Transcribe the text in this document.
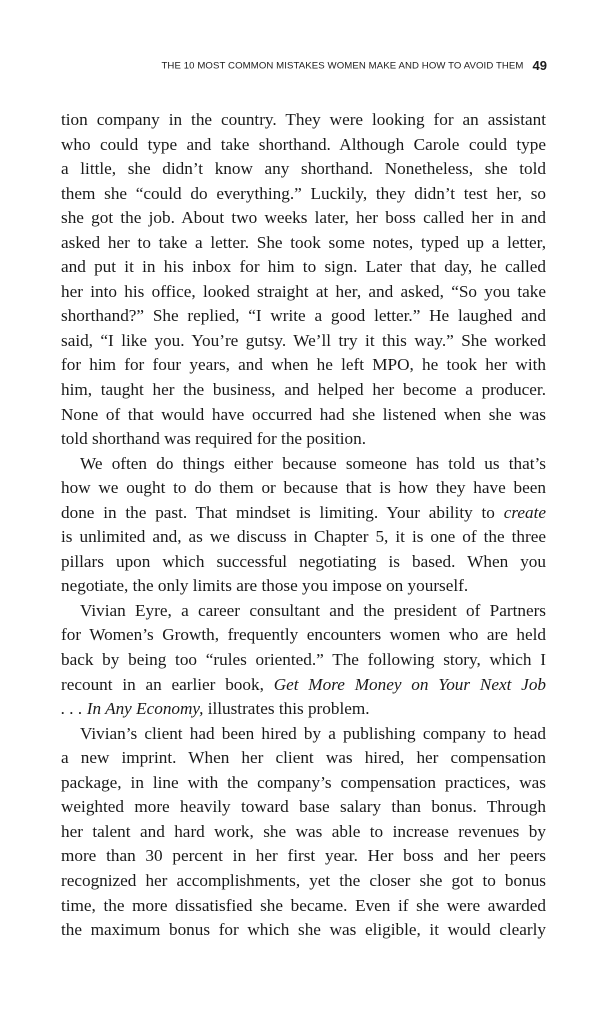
THE 10 MOST COMMON MISTAKES WOMEN MAKE AND HOW TO AVOID THEM 49
tion company in the country. They were looking for an assistant
who could type and take shorthand. Although Carole could type
a little, she didn’t know any shorthand. Nonetheless, she told
them she “could do everything.” Luckily, they didn’t test her, so
she got the job. About two weeks later, her boss called her in and
asked her to take a letter. She took some notes, typed up a letter,
and put it in his inbox for him to sign. Later that day, he called
her into his office, looked straight at her, and asked, “So you take
shorthand?” She replied, “I write a good letter.” He laughed and
said, “I like you. You’re gutsy. We’ll try it this way.” She worked
for him for four years, and when he left MPO, he took her with
him, taught her the business, and helped her become a producer.
None of that would have occurred had she listened when she was
told shorthand was required for the position.
We often do things either because someone has told us that’s
how we ought to do them or because that is how they have been
done in the past. That mindset is limiting. Your ability to create
is unlimited and, as we discuss in Chapter 5, it is one of the three
pillars upon which successful negotiating is based. When you
negotiate, the only limits are those you impose on yourself.
Vivian Eyre, a career consultant and the president of Partners
for Women’s Growth, frequently encounters women who are held
back by being too “rules oriented.” The following story, which I
recount in an earlier book, Get More Money on Your Next Job
. . . In Any Economy, illustrates this problem.
Vivian’s client had been hired by a publishing company to head
a new imprint. When her client was hired, her compensation
package, in line with the company’s compensation practices, was
weighted more heavily toward base salary than bonus. Through
her talent and hard work, she was able to increase revenues by
more than 30 percent in her first year. Her boss and her peers
recognized her accomplishments, yet the closer she got to bonus
time, the more dissatisfied she became. Even if she were awarded
the maximum bonus for which she was eligible, it would clearly
